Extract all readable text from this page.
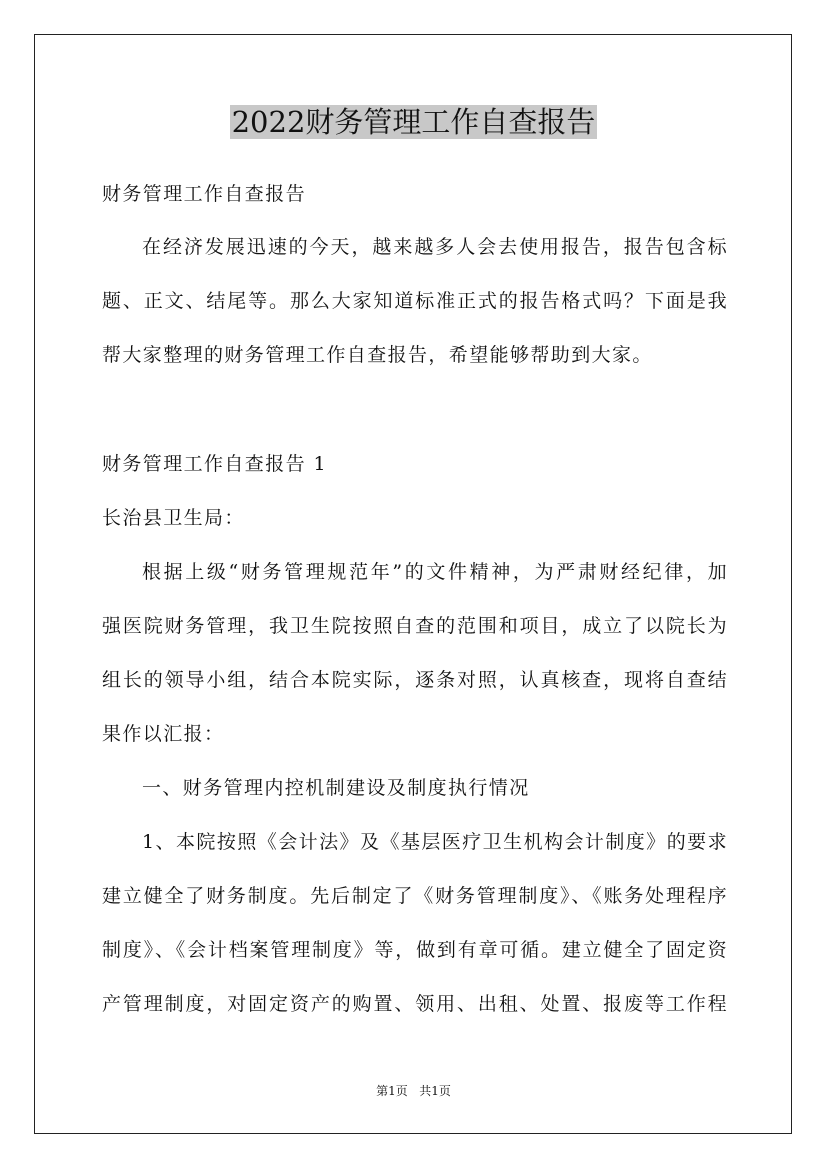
2022财务管理工作自查报告
财务管理工作自查报告
在经济发展迅速的今天，越来越多人会去使用报告，报告包含标
题、正文、结尾等。那么大家知道标准正式的报告格式吗？下面是我
帮大家整理的财务管理工作自查报告，希望能够帮助到大家。
财务管理工作自查报告 1
长治县卫生局：
根据上级“财务管理规范年”的文件精神，为严肃财经纪律，加
强医院财务管理，我卫生院按照自查的范围和项目，成立了以院长为
组长的领导小组，结合本院实际，逐条对照，认真核查，现将自查结
果作以汇报：
一、财务管理内控机制建设及制度执行情况
1、本院按照《会计法》及《基层医疗卫生机构会计制度》的要求
建立健全了财务制度。先后制定了《财务管理制度》、《账务处理程序
制度》、《会计档案管理制度》等，做到有章可循。建立健全了固定资
产管理制度，对固定资产的购置、领用、出租、处置、报废等工作程
第1页 共1页
